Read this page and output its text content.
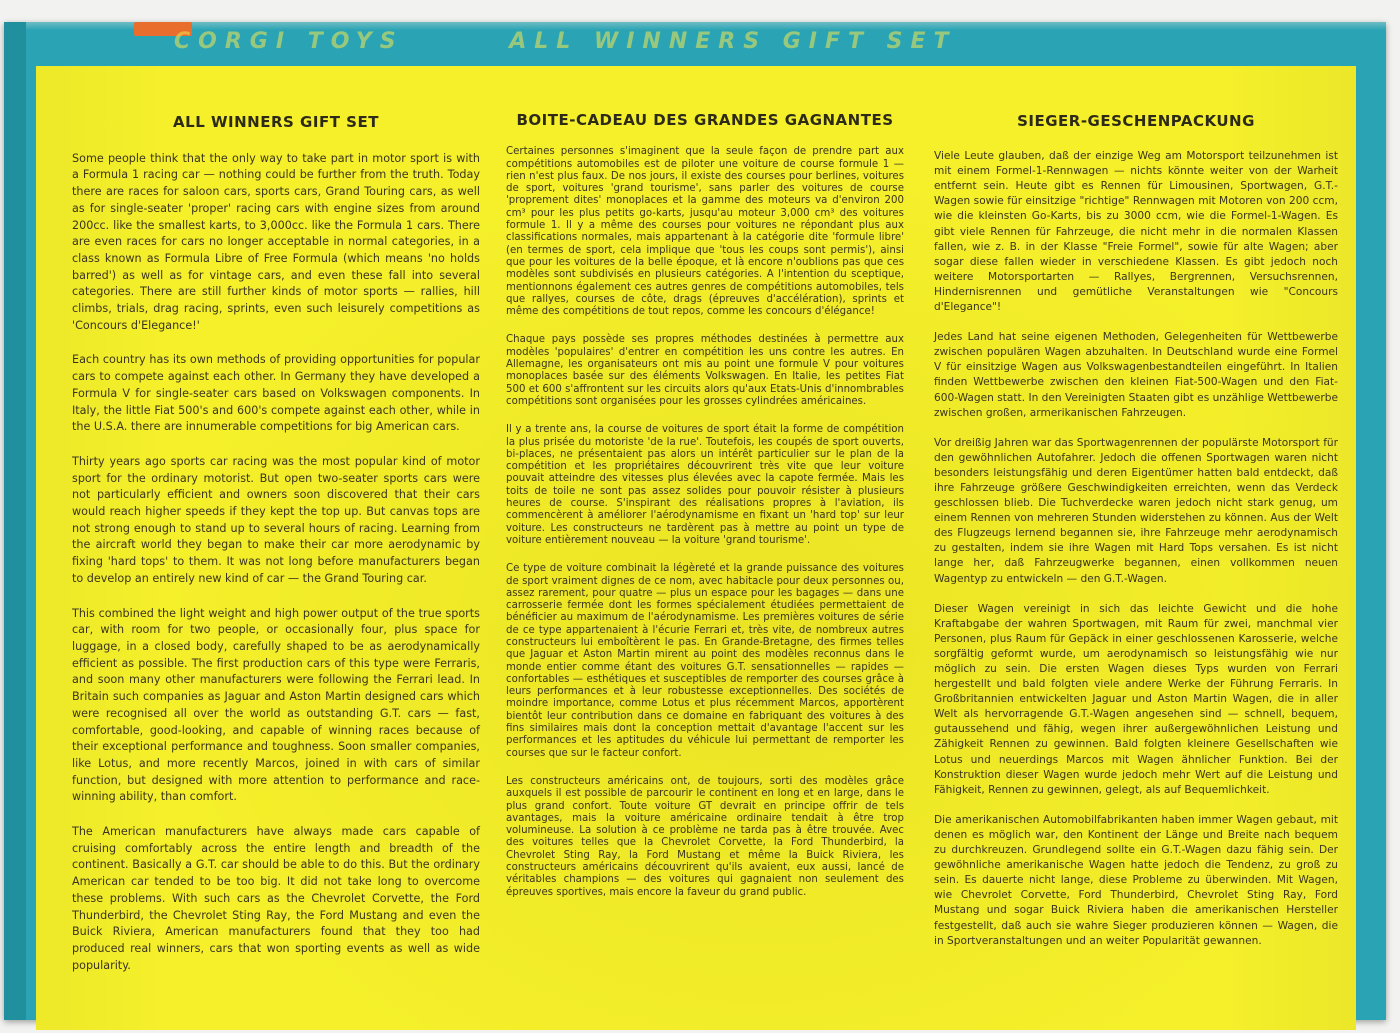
CORGI TOYS	ALL WINNERS GIFT SET
ALL WINNERS GIFT SET

Some people think that the only way to take part in motor sport is with a Formula 1 racing car — nothing could be further from the truth. Today there are races for saloon cars, sports cars, Grand Touring cars, as well as for single-seater 'proper' racing cars with engine sizes from around 200cc. like the smallest karts, to 3,000cc. like the Formula 1 cars. There are even races for cars no longer acceptable in normal categories, in a class known as Formula Libre of Free Formula (which means 'no holds barred') as well as for vintage cars, and even these fall into several categories. There are still further kinds of motor sports — rallies, hill climbs, trials, drag racing, sprints, even such leisurely competitions as 'Concours d'Elegance!'

Each country has its own methods of providing opportunities for popular cars to compete against each other. In Germany they have developed a Formula V for single-seater cars based on Volkswagen components. In Italy, the little Fiat 500's and 600's compete against each other, while in the U.S.A. there are innumerable competitions for big American cars.

Thirty years ago sports car racing was the most popular kind of motor sport for the ordinary motorist. But open two-seater sports cars were not particularly efficient and owners soon discovered that their cars would reach higher speeds if they kept the top up. But canvas tops are not strong enough to stand up to several hours of racing. Learning from the aircraft world they began to make their car more aerodynamic by fixing 'hard tops' to them. It was not long before manufacturers began to develop an entirely new kind of car — the Grand Touring car.

This combined the light weight and high power output of the true sports car, with room for two people, or occasionally four, plus space for luggage, in a closed body, carefully shaped to be as aerodynamically efficient as possible. The first production cars of this type were Ferraris, and soon many other manufacturers were following the Ferrari lead. In Britain such companies as Jaguar and Aston Martin designed cars which were recognised all over the world as outstanding G.T. cars — fast, comfortable, good-looking, and capable of winning races because of their exceptional performance and toughness. Soon smaller companies, like Lotus, and more recently Marcos, joined in with cars of similar function, but designed with more attention to performance and race-winning ability, than comfort.

The American manufacturers have always made cars capable of cruising comfortably across the entire length and breadth of the continent. Basically a G.T. car should be able to do this. But the ordinary American car tended to be too big. It did not take long to overcome these problems. With such cars as the Chevrolet Corvette, the Ford Thunderbird, the Chevrolet Sting Ray, the Ford Mustang and even the Buick Riviera, American manufacturers found that they too had produced real winners, cars that won sporting events as well as wide popularity.

BOITE-CADEAU DES GRANDES GAGNANTES

Certaines personnes s'imaginent que la seule façon de prendre part aux compétitions automobiles est de piloter une voiture de course formule 1 — rien n'est plus faux. De nos jours, il existe des courses pour berlines, voitures de sport, voitures 'grand tourisme', sans parler des voitures de course 'proprement dites' monoplaces et la gamme des moteurs va d'environ 200 cm³ pour les plus petits go-karts, jusqu'au moteur 3,000 cm³ des voitures formule 1. Il y a même des courses pour voitures ne répondant plus aux classifications normales, mais appartenant à la catégorie dite 'formule libre' (en termes de sport, cela implique que 'tous les coups sont permis'), ainsi que pour les voitures de la belle époque, et là encore n'oublions pas que ces modèles sont subdivisés en plusieurs catégories. A l'intention du sceptique, mentionnons également ces autres genres de compétitions automobiles, tels que rallyes, courses de côte, drags (épreuves d'accélération), sprints et même des compétitions de tout repos, comme les concours d'élégance!

Chaque pays possède ses propres méthodes destinées à permettre aux modèles 'populaires' d'entrer en compétition les uns contre les autres. En Allemagne, les organisateurs ont mis au point une formule V pour voitures monoplaces basée sur des éléments Volkswagen. En Italie, les petites Fiat 500 et 600 s'affrontent sur les circuits alors qu'aux Etats-Unis d'innombrables compétitions sont organisées pour les grosses cylindrées américaines.

Il y a trente ans, la course de voitures de sport était la forme de compétition la plus prisée du motoriste 'de la rue'. Toutefois, les coupés de sport ouverts, bi-places, ne présentaient pas alors un intérêt particulier sur le plan de la compétition et les propriétaires découvrirent très vite que leur voiture pouvait atteindre des vitesses plus élevées avec la capote fermée. Mais les toits de toile ne sont pas assez solides pour pouvoir résister à plusieurs heures de course. S'inspirant des réalisations propres à l'aviation, ils commencèrent à améliorer l'aérodynamisme en fixant un 'hard top' sur leur voiture. Les constructeurs ne tardèrent pas à mettre au point un type de voiture entièrement nouveau — la voiture 'grand tourisme'.

Ce type de voiture combinait la légèreté et la grande puissance des voitures de sport vraiment dignes de ce nom, avec habitacle pour deux personnes ou, assez rarement, pour quatre — plus un espace pour les bagages — dans une carrosserie fermée dont les formes spécialement étudiées permettaient de bénéficier au maximum de l'aérodynamisme. Les premières voitures de série de ce type appartenaient à l'écurie Ferrari et, très vite, de nombreux autres constructeurs lui emboîtèrent le pas. En Grande-Bretagne, des firmes telles que Jaguar et Aston Martin mirent au point des modèles reconnus dans le monde entier comme étant des voitures G.T. sensationnelles — rapides — confortables — esthétiques et susceptibles de remporter des courses grâce à leurs performances et à leur robustesse exceptionnelles. Des sociétés de moindre importance, comme Lotus et plus récemment Marcos, apportèrent bientôt leur contribution dans ce domaine en fabriquant des voitures à des fins similaires mais dont la conception mettait d'avantage l'accent sur les performances et les aptitudes du véhicule lui permettant de remporter les courses que sur le facteur confort.

Les constructeurs américains ont, de toujours, sorti des modèles grâce auxquels il est possible de parcourir le continent en long et en large, dans le plus grand confort. Toute voiture GT devrait en principe offrir de tels avantages, mais la voiture américaine ordinaire tendait à être trop volumineuse. La solution à ce problème ne tarda pas à être trouvée. Avec des voitures telles que la Chevrolet Corvette, la Ford Thunderbird, la Chevrolet Sting Ray, la Ford Mustang et même la Buick Riviera, les constructeurs américains découvrirent qu'ils avaient, eux aussi, lancé de véritables champions — des voitures qui gagnaient non seulement des épreuves sportives, mais encore la faveur du grand public.

SIEGER-GESCHENPACKUNG

Viele Leute glauben, daß der einzige Weg am Motorsport teilzunehmen ist mit einem Formel-1-Rennwagen — nichts könnte weiter von der Warheit entfernt sein. Heute gibt es Rennen für Limousinen, Sportwagen, G.T.-Wagen sowie für einsitzige "richtige" Rennwagen mit Motoren von 200 ccm, wie die kleinsten Go-Karts, bis zu 3000 ccm, wie die Formel-1-Wagen. Es gibt viele Rennen für Fahrzeuge, die nicht mehr in die normalen Klassen fallen, wie z. B. in der Klasse "Freie Formel", sowie für alte Wagen; aber sogar diese fallen wieder in verschiedene Klassen. Es gibt jedoch noch weitere Motorsportarten — Rallyes, Bergrennen, Versuchsrennen, Hindernisrennen und gemütliche Veranstaltungen wie "Concours d'Elegance"!

Jedes Land hat seine eigenen Methoden, Gelegenheiten für Wettbewerbe zwischen populären Wagen abzuhalten. In Deutschland wurde eine Formel V für einsitzige Wagen aus Volkswagenbestandteilen eingeführt. In Italien finden Wettbewerbe zwischen den kleinen Fiat-500-Wagen und den Fiat-600-Wagen statt. In den Vereinigten Staaten gibt es unzählige Wettbewerbe zwischen großen, armerikanischen Fahrzeugen.

Vor dreißig Jahren war das Sportwagenrennen der populärste Motorsport für den gewöhnlichen Autofahrer. Jedoch die offenen Sportwagen waren nicht besonders leistungsfähig und deren Eigentümer hatten bald entdeckt, daß ihre Fahrzeuge größere Geschwindigkeiten erreichten, wenn das Verdeck geschlossen blieb. Die Tuchverdecke waren jedoch nicht stark genug, um einem Rennen von mehreren Stunden widerstehen zu können. Aus der Welt des Flugzeugs lernend begannen sie, ihre Fahrzeuge mehr aerodynamisch zu gestalten, indem sie ihre Wagen mit Hard Tops versahen. Es ist nicht lange her, daß Fahrzeugwerke begannen, einen vollkommen neuen Wagentyp zu entwickeln — den G.T.-Wagen.

Dieser Wagen vereinigt in sich das leichte Gewicht und die hohe Kraftabgabe der wahren Sportwagen, mit Raum für zwei, manchmal vier Personen, plus Raum für Gepäck in einer geschlossenen Karosserie, welche sorgfältig geformt wurde, um aerodynamisch so leistungsfähig wie nur möglich zu sein. Die ersten Wagen dieses Typs wurden von Ferrari hergestellt und bald folgten viele andere Werke der Führung Ferraris. In Großbritannien entwickelten Jaguar und Aston Martin Wagen, die in aller Welt als hervorragende G.T.-Wagen angesehen sind — schnell, bequem, gutaussehend und fähig, wegen ihrer außergewöhnlichen Leistung und Zähigkeit Rennen zu gewinnen. Bald folgten kleinere Gesellschaften wie Lotus und neuerdings Marcos mit Wagen ähnlicher Funktion. Bei der Konstruktion dieser Wagen wurde jedoch mehr Wert auf die Leistung und Fähigkeit, Rennen zu gewinnen, gelegt, als auf Bequemlichkeit.

Die amerikanischen Automobilfabrikanten haben immer Wagen gebaut, mit denen es möglich war, den Kontinent der Länge und Breite nach bequem zu durchkreuzen. Grundlegend sollte ein G.T.-Wagen dazu fähig sein. Der gewöhnliche amerikanische Wagen hatte jedoch die Tendenz, zu groß zu sein. Es dauerte nicht lange, diese Probleme zu überwinden. Mit Wagen, wie Chevrolet Corvette, Ford Thunderbird, Chevrolet Sting Ray, Ford Mustang und sogar Buick Riviera haben die amerikanischen Hersteller festgestellt, daß auch sie wahre Sieger produzieren können — Wagen, die in Sportveranstaltungen und an weiter Popularität gewannen.
